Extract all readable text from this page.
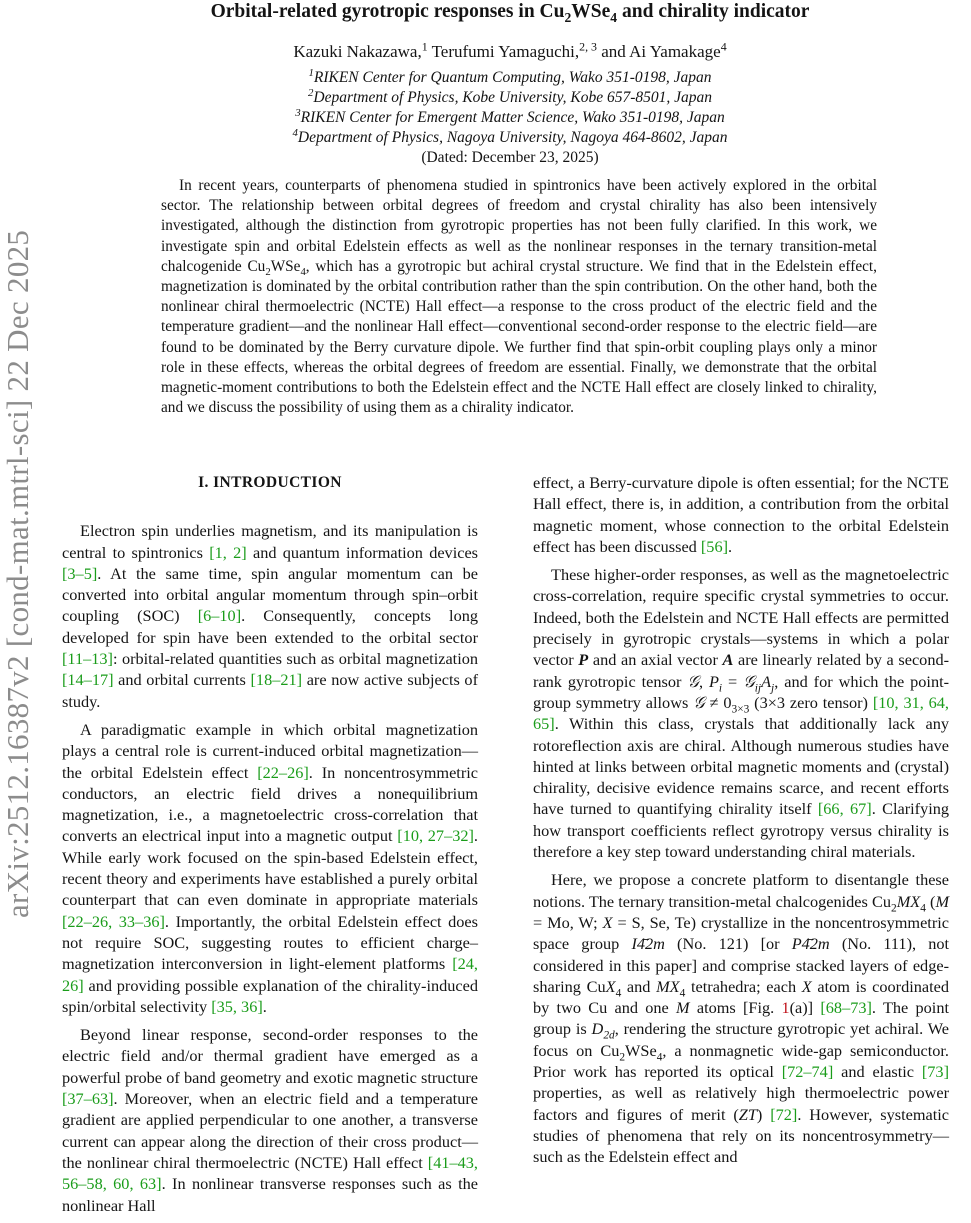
arXiv:2512.16387v2 [cond-mat.mtrl-sci] 22 Dec 2025
Orbital-related gyrotropic responses in $Cu_2WSe_4$ and chirality indicator
Kazuki Nakazawa,$^1$ Terufumi Yamaguchi,$^{2, 3}$ and Ai Yamakage$^4$
$^1$RIKEN Center for Quantum Computing, Wako 351-0198, Japan
$^2$Department of Physics, Kobe University, Kobe 657-8501, Japan
$^3$RIKEN Center for Emergent Matter Science, Wako 351-0198, Japan
$^4$Department of Physics, Nagoya University, Nagoya 464-8602, Japan
(Dated: December 23, 2025)

In recent years, counterparts of phenomena studied in spintronics have been actively explored in the orbital sector. The relationship between orbital degrees of freedom and crystal chirality has also been intensively investigated, although the distinction from gyrotropic properties has not been fully clarified. In this work, we investigate spin and orbital Edelstein effects as well as the nonlinear responses in the ternary transition-metal chalcogenide $Cu_2WSe_4$, which has a gyrotropic but achiral crystal structure. We find that in the Edelstein effect, magnetization is dominated by the orbital contribution rather than the spin contribution. On the other hand, both the nonlinear chiral thermoelectric (NCTE) Hall effect—a response to the cross product of the electric field and the temperature gradient—and the nonlinear Hall effect—conventional second-order response to the electric field—are found to be dominated by the Berry curvature dipole. We further find that spin-orbit coupling plays only a minor role in these effects, whereas the orbital degrees of freedom are essential. Finally, we demonstrate that the orbital magnetic-moment contributions to both the Edelstein effect and the NCTE Hall effect are closely linked to chirality, and we discuss the possibility of using them as a chirality indicator.

I. INTRODUCTION

Electron spin underlies magnetism, and its manipulation is central to spintronics [1, 2] and quantum information devices [3–5]. At the same time, spin angular momentum can be converted into orbital angular momentum through spin–orbit coupling (SOC) [6–10]. Consequently, concepts long developed for spin have been extended to the orbital sector [11–13]: orbital-related quantities such as orbital magnetization [14–17] and orbital currents [18–21] are now active subjects of study.

A paradigmatic example in which orbital magnetization plays a central role is current-induced orbital magnetization—the orbital Edelstein effect [22–26]. In noncentrosymmetric conductors, an electric field drives a nonequilibrium magnetization, i.e., a magnetoelectric cross-correlation that converts an electrical input into a magnetic output [10, 27–32]. While early work focused on the spin-based Edelstein effect, recent theory and experiments have established a purely orbital counterpart that can even dominate in appropriate materials [22–26, 33–36]. Importantly, the orbital Edelstein effect does not require SOC, suggesting routes to efficient charge–magnetization interconversion in light-element platforms [24, 26] and providing possible explanation of the chirality-induced spin/orbital selectivity [35, 36].

Beyond linear response, second-order responses to the electric field and/or thermal gradient have emerged as a powerful probe of band geometry and exotic magnetic structure [37–63]. Moreover, when an electric field and a temperature gradient are applied perpendicular to one another, a transverse current can appear along the direction of their cross product—the nonlinear chiral thermoelectric (NCTE) Hall effect [41–43, 56–58, 60, 63]. In nonlinear transverse responses such as the nonlinear Hall

effect, a Berry-curvature dipole is often essential; for the NCTE Hall effect, there is, in addition, a contribution from the orbital magnetic moment, whose connection to the orbital Edelstein effect has been discussed [56].

These higher-order responses, as well as the magnetoelectric cross-correlation, require specific crystal symmetries to occur. Indeed, both the Edelstein and NCTE Hall effects are permitted precisely in gyrotropic crystals—systems in which a polar vector P and an axial vector A are linearly related by a second-rank gyrotropic tensor 𝒢, $P_i$ = $𝒢_{ij}A_j$, and for which the point-group symmetry allows 𝒢 ≠ $0_{3\times 3}$ (3×3 zero tensor) [10, 31, 64, 65]. Within this class, crystals that additionally lack any rotoreflection axis are chiral. Although numerous studies have hinted at links between orbital magnetic moments and (crystal) chirality, decisive evidence remains scarce, and recent efforts have turned to quantifying chirality itself [66, 67]. Clarifying how transport coefficients reflect gyrotropy versus chirality is therefore a key step toward understanding chiral materials.

Here, we propose a concrete platform to disentangle these notions. The ternary transition-metal chalcogenides $Cu_2MX_4$ (M = Mo, W; X = S, Se, Te) crystallize in the noncentrosymmetric space group I4̄2m (No. 121) [or P4̄2m (No. 111), not considered in this paper] and comprise stacked layers of edge-sharing CuX$_4$ and $MX_4$ tetrahedra; each X atom is coordinated by two Cu and one M atoms [Fig. 1(a)] [68–73]. The point group is $D_{2d}$, rendering the structure gyrotropic yet achiral. We focus on $Cu_2WSe_4$, a nonmagnetic wide-gap semiconductor. Prior work has reported its optical [72–74] and elastic [73] properties, as well as relatively high thermoelectric power factors and figures of merit (ZT) [72]. However, systematic studies of phenomena that rely on its noncentrosymmetry—such as the Edelstein effect and
